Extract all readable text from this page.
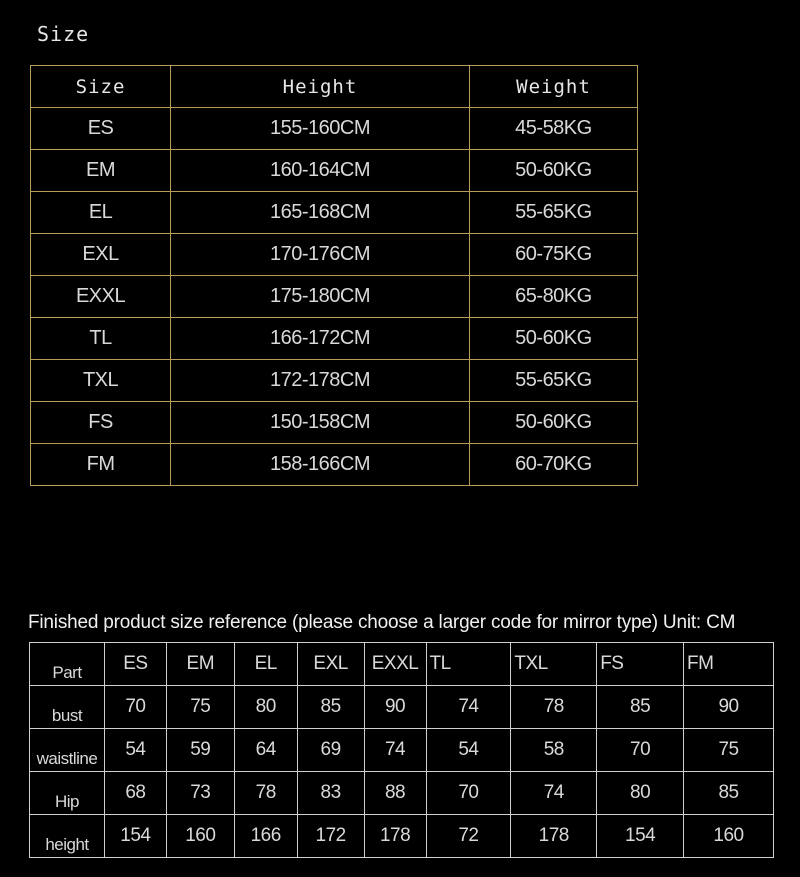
Size
Size	Height	Weight
ES	155-160CM	45-58KG
EM	160-164CM	50-60KG
EL	165-168CM	55-65KG
EXL	170-176CM	60-75KG
EXXL	175-180CM	65-80KG
TL	166-172CM	50-60KG
TXL	172-178CM	55-65KG
FS	150-158CM	50-60KG
FM	158-166CM	60-70KG
Finished product size reference (please choose a larger code for mirror type) Unit: CM
Part	ES	EM	EL	EXL	EXXL	TL	TXL	FS	FM
bust	70	75	80	85	90	74	78	85	90
waistline	54	59	64	69	74	54	58	70	75
Hip	68	73	78	83	88	70	74	80	85
height	154	160	166	172	178	72	178	154	160
